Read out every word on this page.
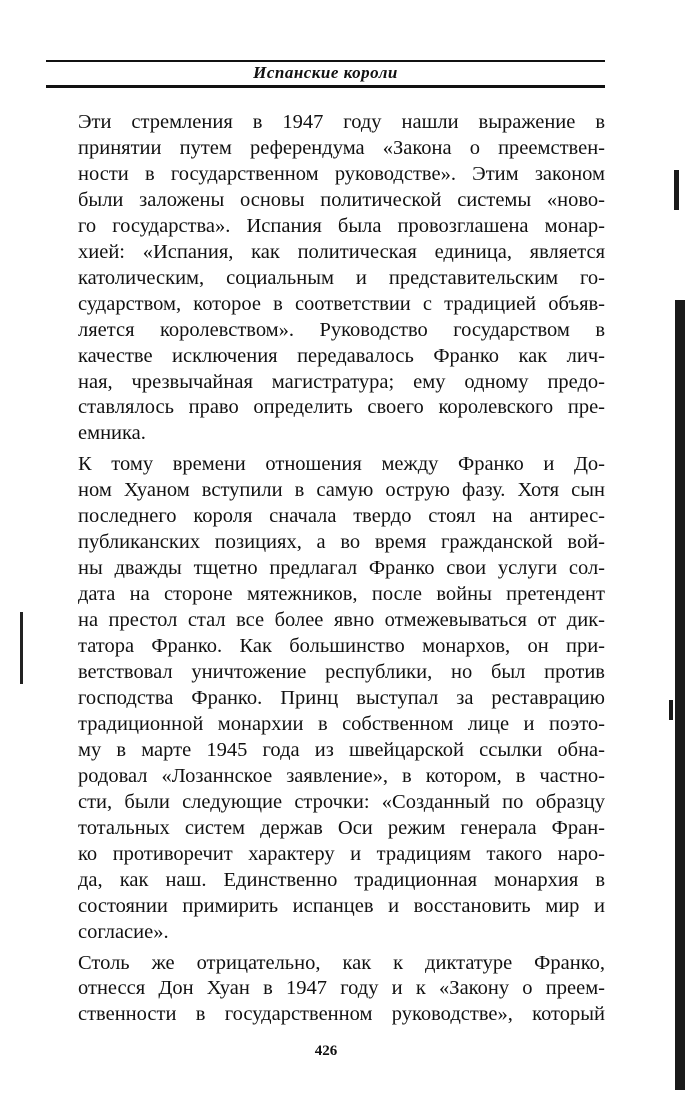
Испанские короли

Эти стремления в 1947 году нашли выражение в
принятии путем референдума «Закона о преемствен-
ности в государственном руководстве». Этим законом
были заложены основы политической системы «ново-
го государства». Испания была провозглашена монар-
хией: «Испания, как политическая единица, является
католическим, социальным и представительским го-
сударством, которое в соответствии с традицией объяв-
ляется королевством». Руководство государством в
качестве исключения передавалось Франко как лич-
ная, чрезвычайная магистратура; ему одному предо-
ставлялось право определить своего королевского пре-
емника.

К тому времени отношения между Франко и До-
ном Хуаном вступили в самую острую фазу. Хотя сын
последнего короля сначала твердо стоял на антирес-
публиканских позициях, а во время гражданской вой-
ны дважды тщетно предлагал Франко свои услуги сол-
дата на стороне мятежников, после войны претендент
на престол стал все более явно отмежевываться от дик-
татора Франко. Как большинство монархов, он при-
ветствовал уничтожение республики, но был против
господства Франко. Принц выступал за реставрацию
традиционной монархии в собственном лице и поэто-
му в марте 1945 года из швейцарской ссылки обна-
родовал «Лозаннское заявление», в котором, в частно-
сти, были следующие строчки: «Созданный по образцу
тотальных систем держав Оси режим генерала Фран-
ко противоречит характеру и традициям такого наро-
да, как наш. Единственно традиционная монархия в
состоянии примирить испанцев и восстановить мир и
согласие».

Столь же отрицательно, как к диктатуре Франко,
отнесся Дон Хуан в 1947 году и к «Закону о преем-
ственности в государственном руководстве», который

426
